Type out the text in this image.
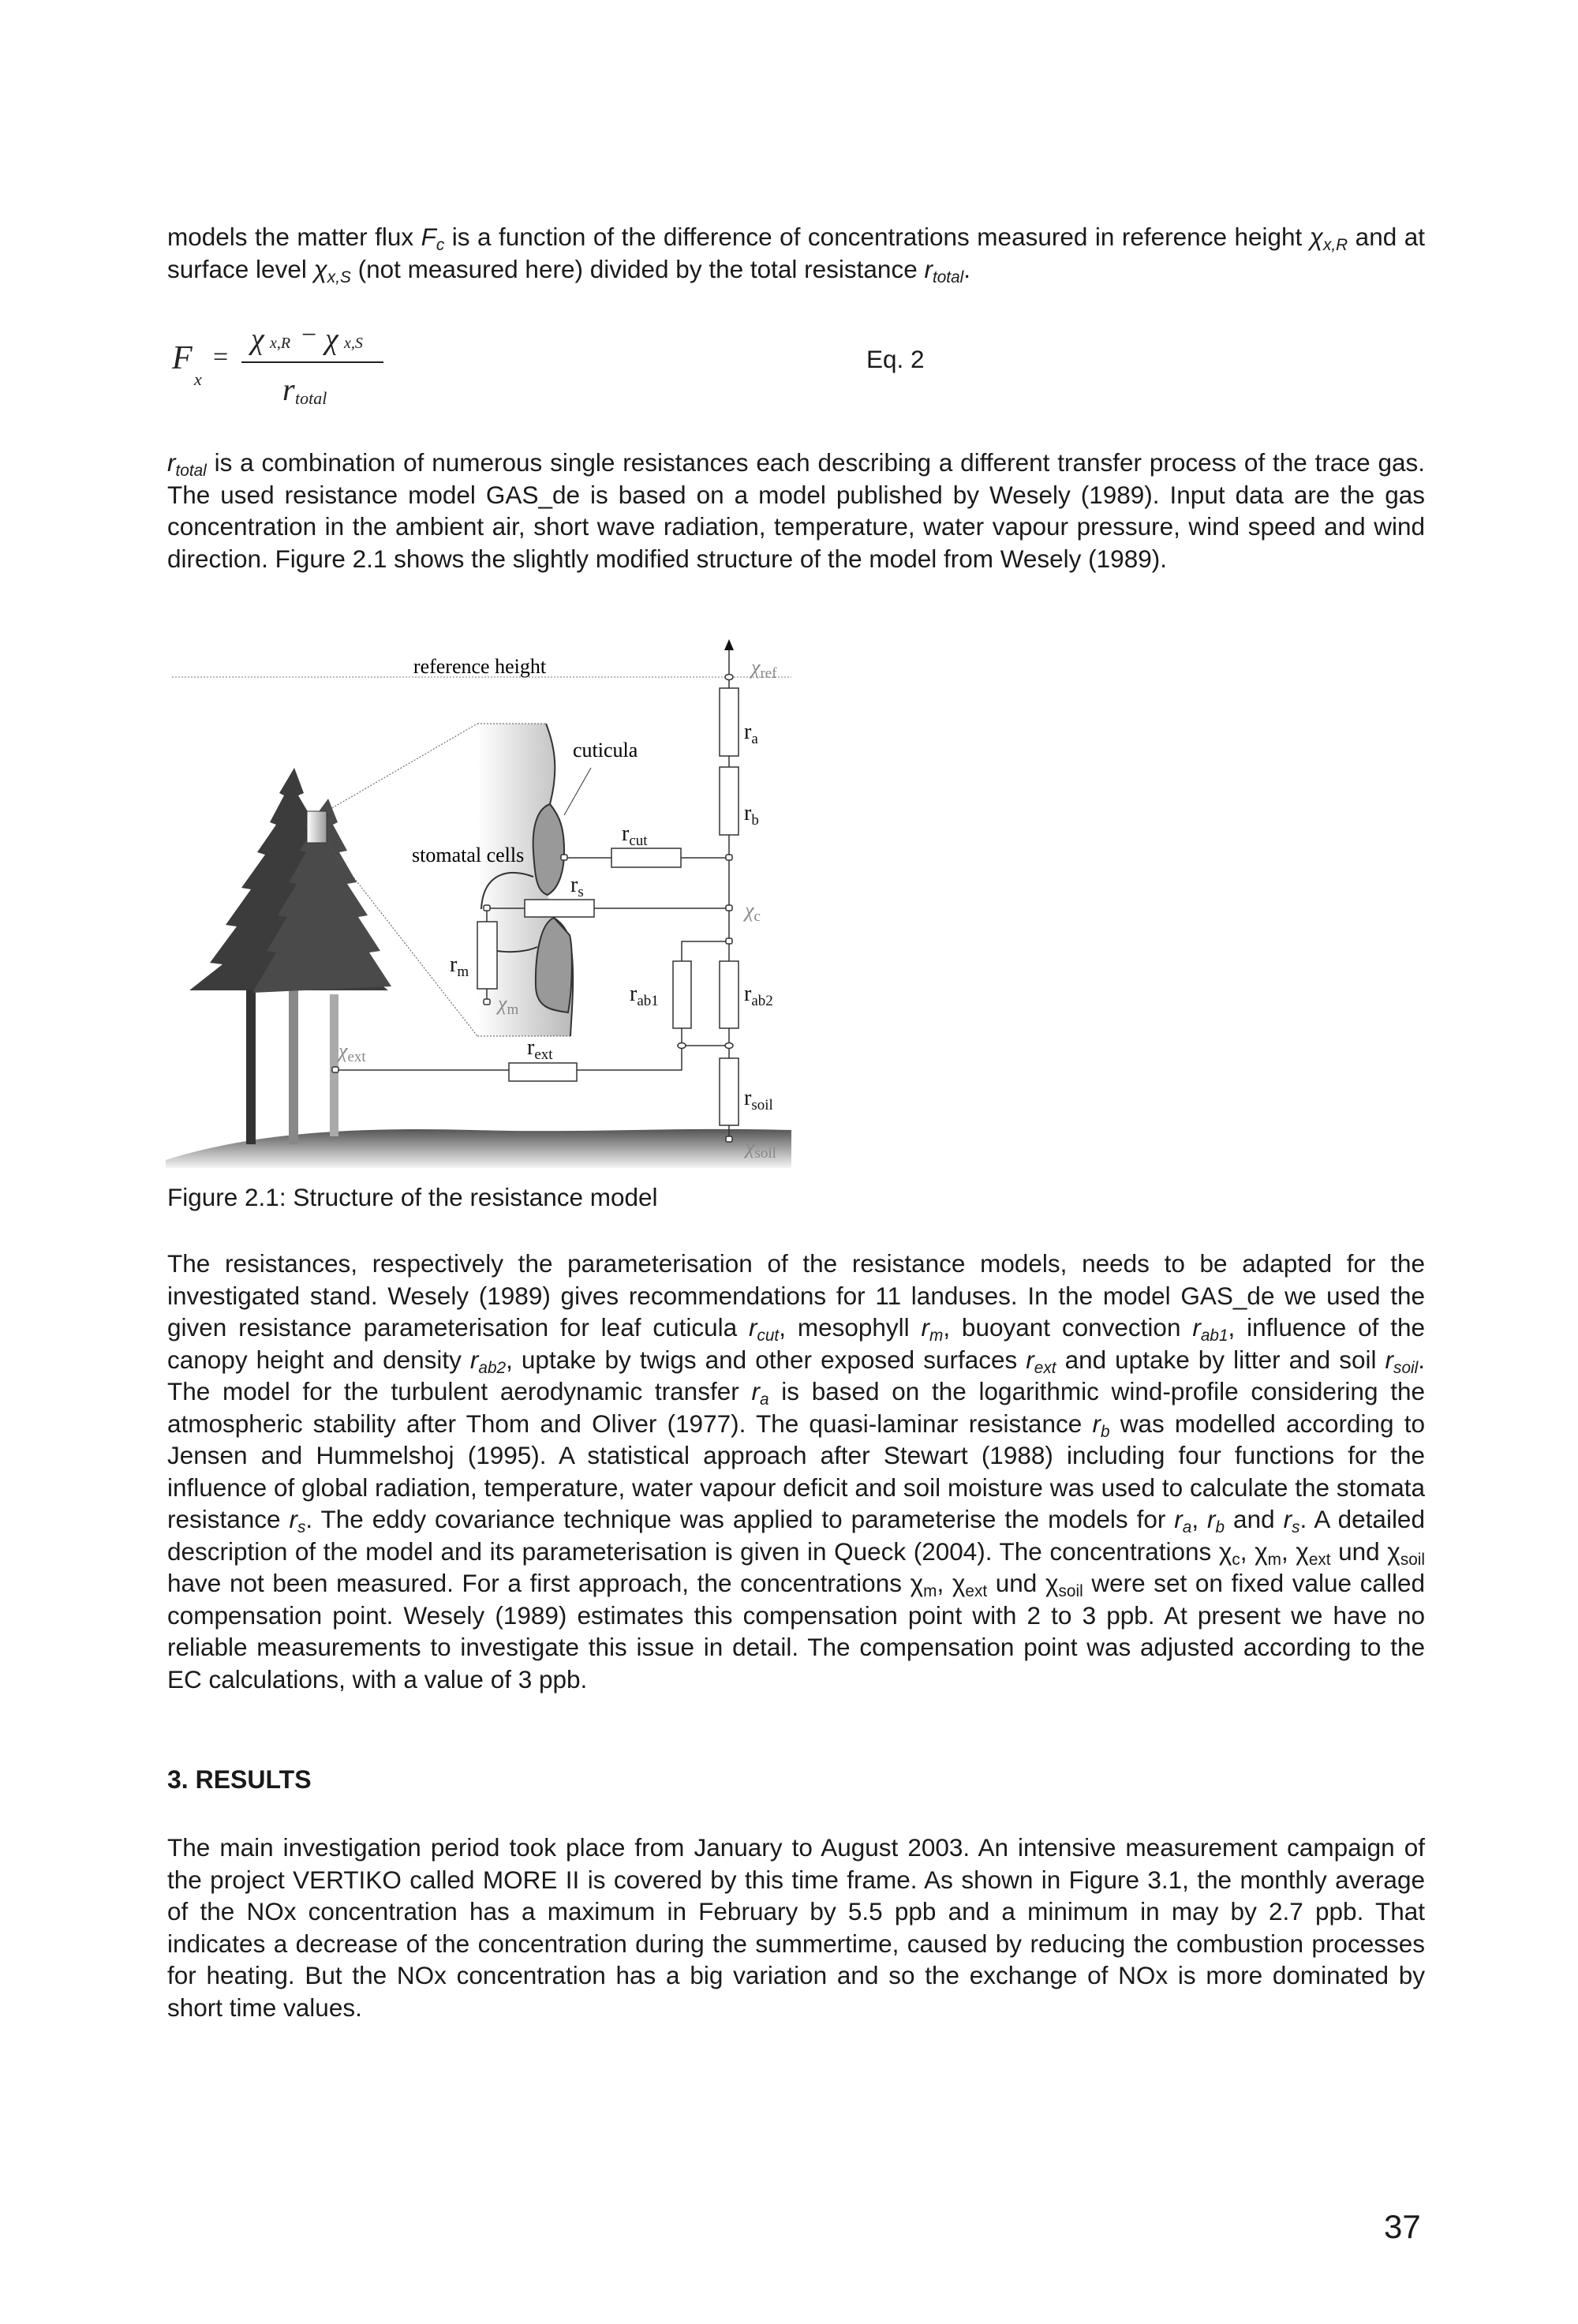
models the matter flux $F_c$ is a function of the difference of concentrations measured in reference height $\chi_{x,R}$ and at surface level $\chi_{x,S}$ (not measured here) divided by the total resistance $r_{total}$.

F
x
=
χ x,R − χ x,S
r total
Eq. 2

$r_{total}$ is a combination of numerous single resistances each describing a different transfer process of the trace gas. The used resistance model GAS_de is based on a model published by Wesely (1989). Input data are the gas concentration in the ambient air, short wave radiation, temperature, water vapour pressure, wind speed and wind direction. Figure 2.1 shows the slightly modified structure of the model from Wesely (1989).

reference height
cuticula
stomatal cells
$r_a$
$r_b$
$r_{cut}$
$r_s$
$r_m$
$r_{ab1}$	$r_{ab2}$
$r_{ext}$
$r_{soil}$
χref
χc
χm
χext
χsoil
Figure 2.1: Structure of the resistance model

The resistances, respectively the parameterisation of the resistance models, needs to be adapted for the investigated stand. Wesely (1989) gives recommendations for 11 landuses. In the model GAS_de we used the given resistance parameterisation for leaf cuticula $r_{cut}$, mesophyll $r_m$, buoyant convection $r_{ab1}$, influence of the canopy height and density $r_{ab2}$, uptake by twigs and other exposed surfaces $r_{ext}$ and uptake by litter and soil $r_{soil}$. The model for the turbulent aerodynamic transfer $r_a$ is based on the logarithmic wind-profile considering the atmospheric stability after Thom and Oliver (1977). The quasi-laminar resistance $r_b$ was modelled according to Jensen and Hummelshoj (1995). A statistical approach after Stewart (1988) including four functions for the influence of global radiation, temperature, water vapour deficit and soil moisture was used to calculate the stomata resistance $r_s$. The eddy covariance technique was applied to parameterise the models for $r_a$, $r_b$ and $r_s$. A detailed description of the model and its parameterisation is given in Queck (2004). The concentrations $\chi_c$, $\chi_m$, $\chi_{ext}$ und $\chi_{soil}$ have not been measured. For a first approach, the concentrations $\chi_m$, $\chi_{ext}$ und $\chi_{soil}$ were set on fixed value called compensation point. Wesely (1989) estimates this compensation point with 2 to 3 ppb. At present we have no reliable measurements to investigate this issue in detail. The compensation point was adjusted according to the EC calculations, with a value of 3 ppb.

3. RESULTS

The main investigation period took place from January to August 2003. An intensive measurement campaign of the project VERTIKO called MORE II is covered by this time frame. As shown in Figure 3.1, the monthly average of the NOx concentration has a maximum in February by 5.5 ppb and a minimum in may by 2.7 ppb. That indicates a decrease of the concentration during the summertime, caused by reducing the combustion processes for heating. But the NOx concentration has a big variation and so the exchange of NOx is more dominated by short time values.

37
